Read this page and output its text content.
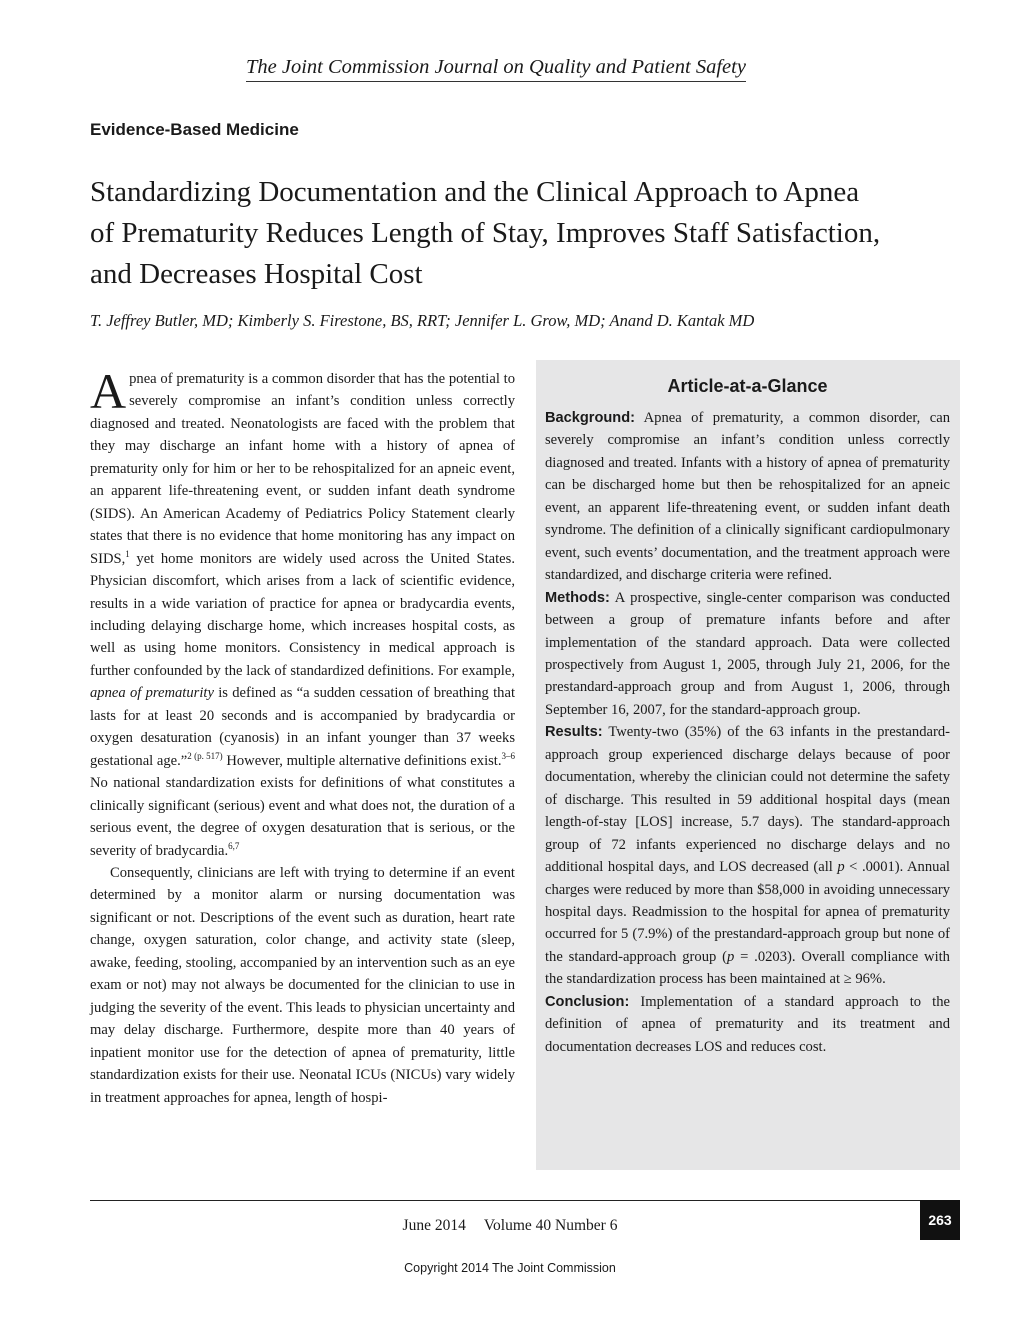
The Joint Commission Journal on Quality and Patient Safety
Evidence-Based Medicine
Standardizing Documentation and the Clinical Approach to Apnea
of Prematurity Reduces Length of Stay, Improves Staff Satisfaction,
and Decreases Hospital Cost
T. Jeffrey Butler, MD; Kimberly S. Firestone, BS, RRT; Jennifer L. Grow, MD; Anand D. Kantak MD

Apnea of prematurity is a common disorder that has the potential to severely compromise an infant’s condition unless correctly diagnosed and treated. Neonatologists are faced with the problem that they may discharge an infant home with a history of apnea of prematurity only for him or her to be rehospitalized for an apneic event, an apparent life-threatening event, or sudden infant death syndrome (SIDS). An American Academy of Pediatrics Policy Statement clearly states that there is no evidence that home monitoring has any impact on SIDS,$^1$ yet home monitors are widely used across the United States. Physician discomfort, which arises from a lack of scientific evidence, results in a wide variation of practice for apnea or bradycardia events, including delaying discharge home, which increases hospital costs, as well as using home monitors. Consistency in medical approach is further confounded by the lack of standardized definitions. For example, apnea of prematurity is defined as “a sudden cessation of breathing that lasts for at least 20 seconds and is accompanied by bradycardia or oxygen desaturation (cyanosis) in an infant younger than 37 weeks gestational age.”$^{2 (p. 517)}$ However, multiple alternative definitions exist.$^{3-6}$ No national standardization exists for definitions of what constitutes a clinically significant (serious) event and what does not, the duration of a serious event, the degree of oxygen desaturation that is serious, or the severity of bradycardia.$^{6,7}$

Consequently, clinicians are left with trying to determine if an event determined by a monitor alarm or nursing documentation was significant or not. Descriptions of the event such as duration, heart rate change, oxygen saturation, color change, and activity state (sleep, awake, feeding, stooling, accompanied by an intervention such as an eye exam or not) may not always be documented for the clinician to use in judging the severity of the event. This leads to physician uncertainty and may delay discharge. Furthermore, despite more than 40 years of inpatient monitor use for the detection of apnea of prematurity, little standardization exists for their use. Neonatal ICUs (NICUs) vary widely in treatment approaches for apnea, length of hospi-

Article-at-a-Glance

Background: Apnea of prematurity, a common disorder, can severely compromise an infant’s condition unless correctly diagnosed and treated. Infants with a history of apnea of prematurity can be discharged home but then be rehospitalized for an apneic event, an apparent life-threatening event, or sudden infant death syndrome. The definition of a clinically significant cardiopulmonary event, such events’ documentation, and the treatment approach were standardized, and discharge criteria were refined.

Methods: A prospective, single-center comparison was conducted between a group of premature infants before and after implementation of the standard approach. Data were collected prospectively from August 1, 2005, through July 21, 2006, for the prestandard-approach group and from August 1, 2006, through September 16, 2007, for the standard-approach group.

Results: Twenty-two (35%) of the 63 infants in the prestandard-approach group experienced discharge delays because of poor documentation, whereby the clinician could not determine the safety of discharge. This resulted in 59 additional hospital days (mean length-of-stay [LOS] increase, 5.7 days). The standard-approach group of 72 infants experienced no discharge delays and no additional hospital days, and LOS decreased (all p < .0001). Annual charges were reduced by more than $58,000 in avoiding unnecessary hospital days. Readmission to the hospital for apnea of prematurity occurred for 5 (7.9%) of the prestandard-approach group but none of the standard-approach group (p = .0203). Overall compliance with the standardization process has been maintained at ≥ 96%.

Conclusion: Implementation of a standard approach to the definition of apnea of prematurity and its treatment and documentation decreases LOS and reduces cost.

263
June 2014 Volume 40 Number 6
Copyright 2014 The Joint Commission
